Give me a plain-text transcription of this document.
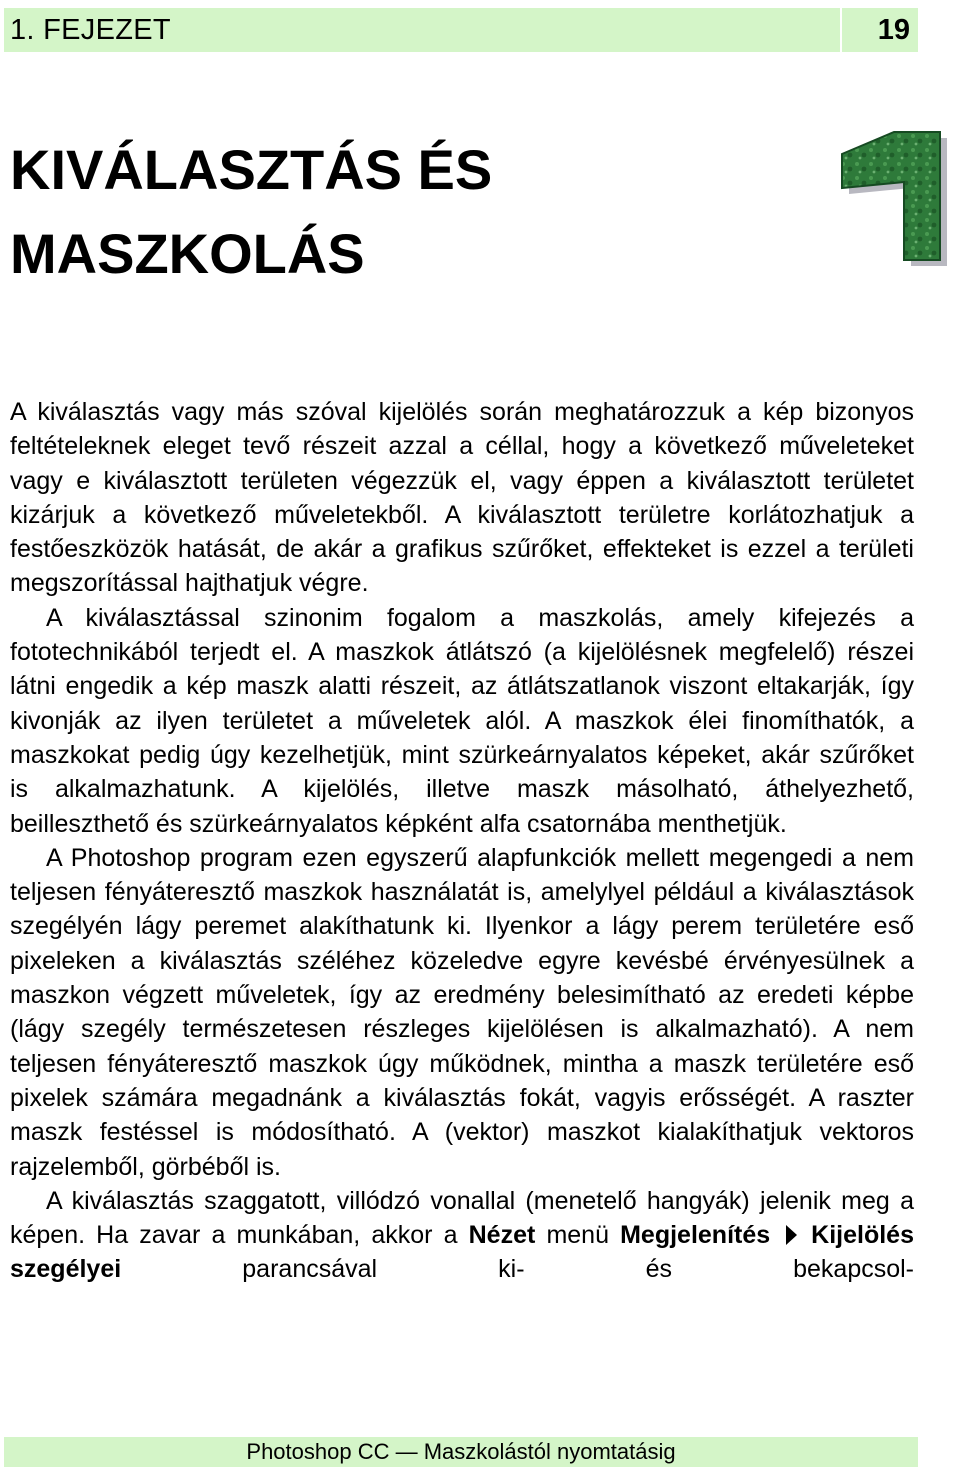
1. FEJEZET	19
KIVÁLASZTÁS ÉS
MASZKOLÁS

A kiválasztás vagy más szóval kijelölés során meghatározzuk a kép bizonyos feltételeknek eleget tevő részeit azzal a céllal, hogy a következő műveleteket vagy e kiválasztott területen végezzük el, vagy éppen a kiválasztott területet kizárjuk a következő műveletekből. A kiválasztott területre korlátozhatjuk a festőeszközök hatását, de akár a grafikus szűrőket, effekteket is ezzel a területi megszorítással hajthatjuk végre.

A kiválasztással szinonim fogalom a maszkolás, amely kifejezés a fototechnikából terjedt el. A maszkok átlátszó (a kijelölésnek megfelelő) részei látni engedik a kép maszk alatti részeit, az átlátszatlanok viszont eltakarják, így kivonják az ilyen területet a műveletek alól. A maszkok élei finomíthatók, a maszkokat pedig úgy kezelhetjük, mint szürkeárnyalatos képeket, akár szűrőket is alkalmazhatunk. A kijelölés, illetve maszk másolható, áthelyezhető, beilleszthető és szürkeárnyalatos képként alfa csatornába menthetjük.

A Photoshop program ezen egyszerű alapfunkciók mellett megengedi a nem teljesen fényáteresztő maszkok használatát is, amelylyel például a kiválasztások szegélyén lágy peremet alakíthatunk ki. Ilyenkor a lágy perem területére eső pixeleken a kiválasztás széléhez közeledve egyre kevésbé érvényesülnek a maszkon végzett műveletek, így az eredmény belesimítható az eredeti képbe (lágy szegély természetesen részleges kijelölésen is alkalmazható). A nem teljesen fényáteresztő maszkok úgy működnek, mintha a maszk területére eső pixelek számára megadnánk a kiválasztás fokát, vagyis erősségét. A raszter maszk festéssel is módosítható. A (vektor) maszkot kialakíthatjuk vektoros rajzelemből, görbéből is.

A kiválasztás szaggatott, villódzó vonallal (menetelő hangyák) jelenik meg a képen. Ha zavar a munkában, akkor a Nézet menü Megjelenítés Kijelölés szegélyei	parancsával ki- és bekapcsol-

Photoshop CC — Maszkolástól nyomtatásig
